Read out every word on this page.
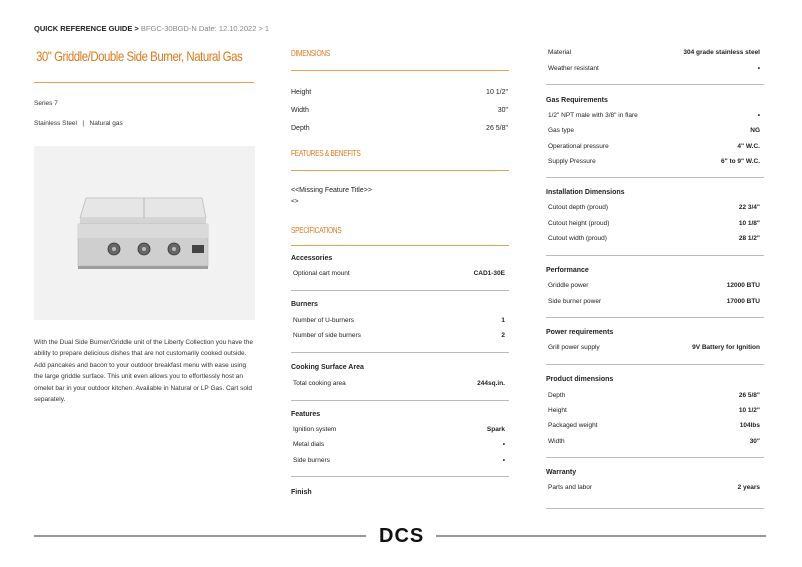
QUICK REFERENCE GUIDE > BFGC-30BGD-N Date: 12.10.2022 > 1
30" Griddle/Double Side Burner, Natural Gas
Series 7
Stainless Steel   |   Natural gas
With the Dual Side Burner/Griddle unit of the Liberty Collection you have the ability to prepare delicious dishes that are not customarily cooked outside. Add pancakes and bacon to your outdoor breakfast menu with ease using the large griddle surface. This unit even allows you to effortlessly host an omelet bar in your outdoor kitchen. Available in Natural or LP Gas. Cart sold separately.
DIMENSIONS
Height	10 1/2"
Width	30"
Depth	26 5/8"
FEATURES & BENEFITS
<<Missing Feature Title>>
<>
SPECIFICATIONS
Accessories
Optional cart mount	CAD1-30E
Burners
Number of U-burners	1
Number of side burners	2
Cooking Surface Area
Total cooking area	244sq.in.
Features
Ignition system	Spark
Metal dials	•
Side burners	•
Finish
Material	304 grade stainless steel
Weather resistant	•
Gas Requirements
1/2" NPT male with 3/8" in flare	•
Gas type	NG
Operational pressure	4" W.C.
Supply Pressure	6" to 9" W.C.
Installation Dimensions
Cutout depth (proud)	22 3/4"
Cutout height (proud)	10 1/8"
Cutout width (proud)	28 1/2"
Performance
Griddle power	12000 BTU
Side burner power	17000 BTU
Power requirements
Grill power supply	9V Battery for Ignition
Product dimensions
Depth	26 5/8"
Height	10 1/2"
Packaged weight	104lbs
Width	30"
Warranty
Parts and labor	2 years
DCS
